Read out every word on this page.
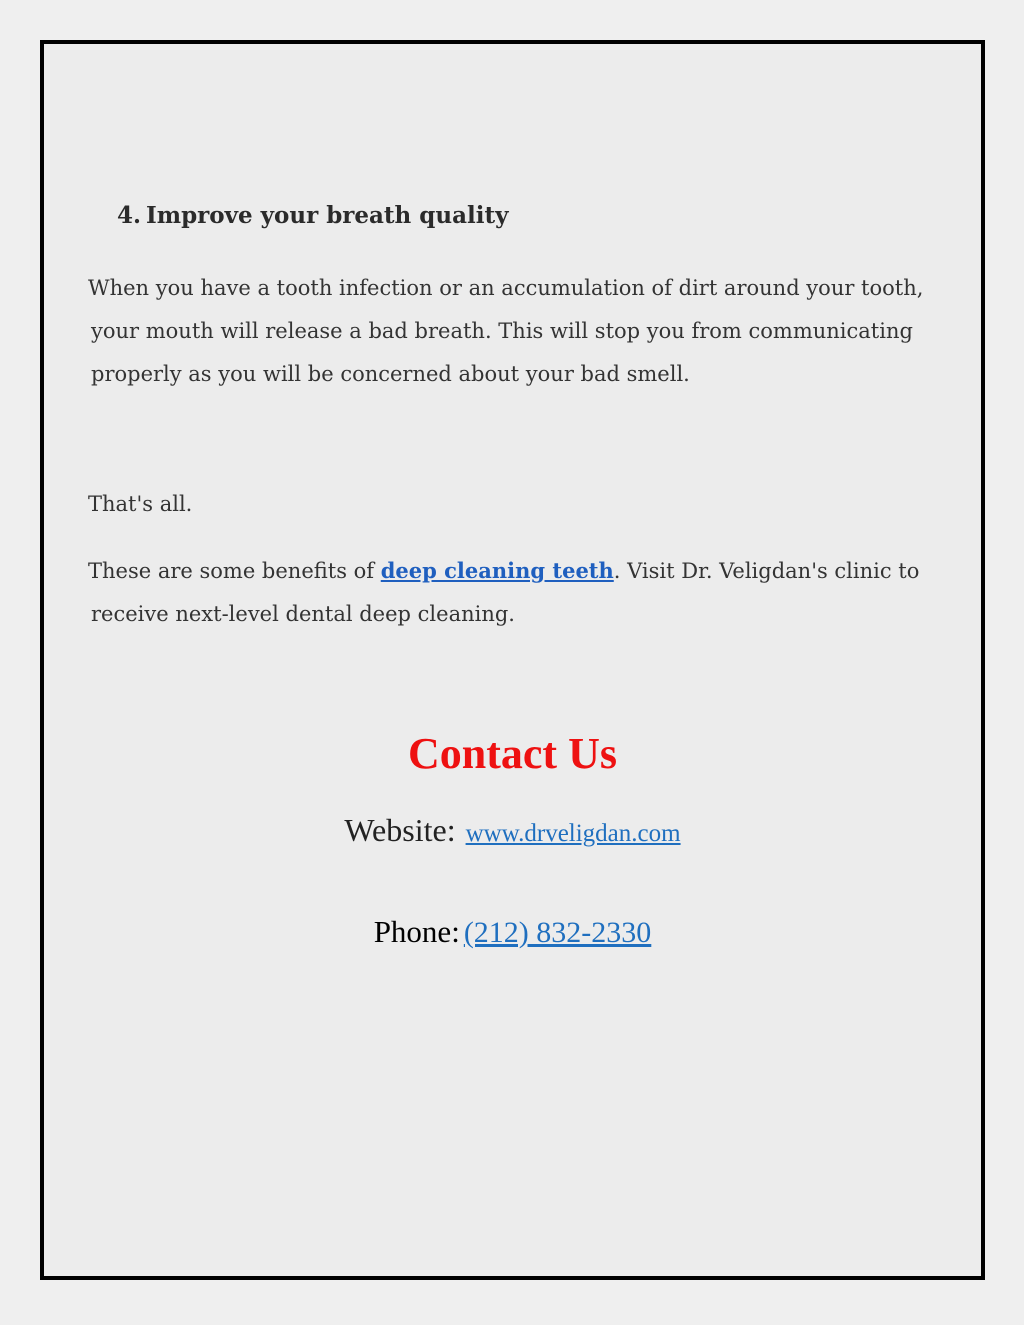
4. Improve your breath quality
When you have a tooth infection or an accumulation of dirt around your tooth,
your mouth will release a bad breath. This will stop you from communicating
properly as you will be concerned about your bad smell.
That's all.
These are some benefits of deep cleaning teeth. Visit Dr. Veligdan's clinic to
receive next-level dental deep cleaning.
Contact Us
Website: www.drveligdan.com
Phone: (212) 832-2330
